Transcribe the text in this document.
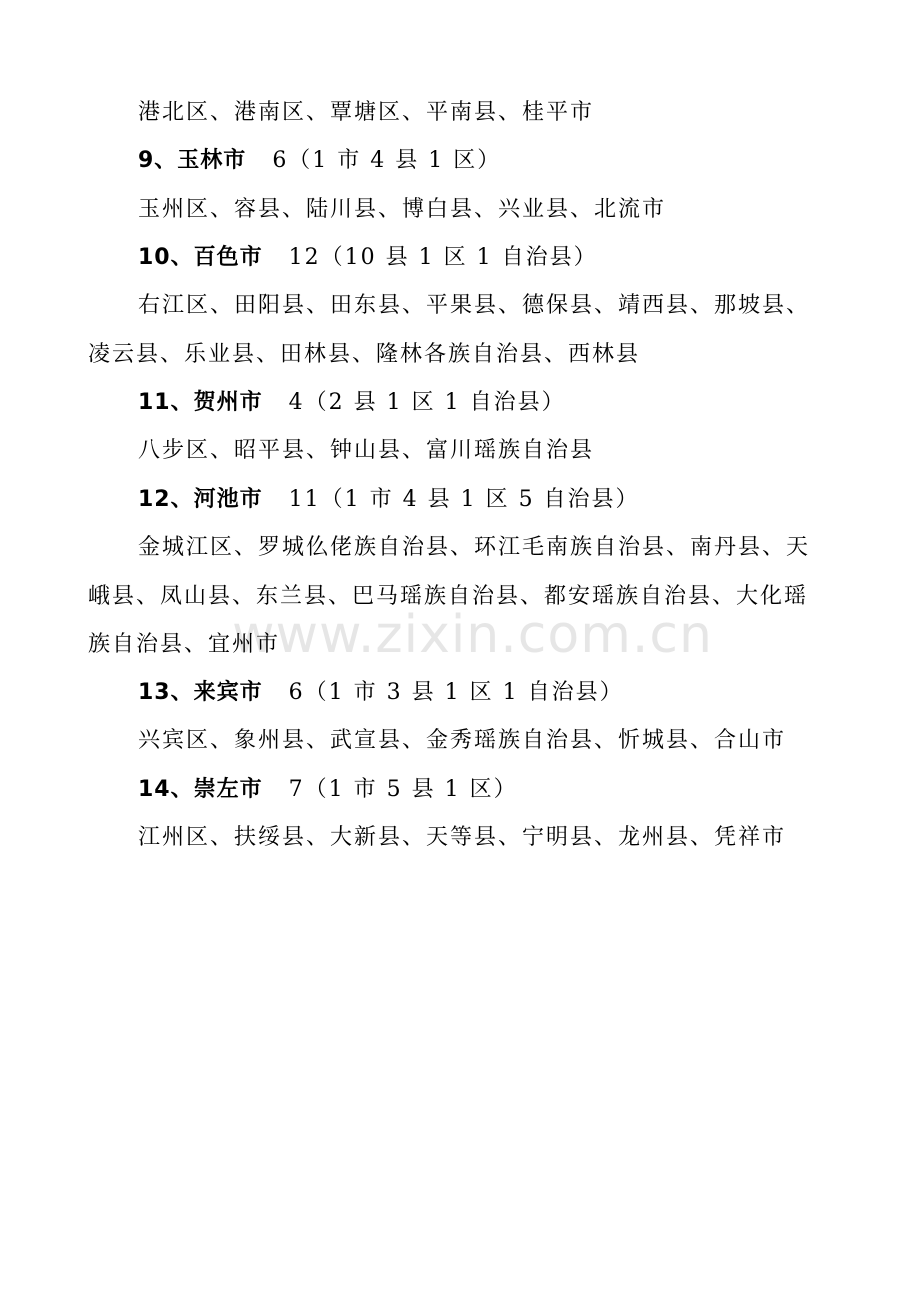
www.zixin.com.cn
港北区、港南区、覃塘区、平南县、桂平市
9、玉林市 6（1 市 4 县 1 区）
玉州区、容县、陆川县、博白县、兴业县、北流市
10、百色市 12（10 县 1 区 1 自治县）
右江区、田阳县、田东县、平果县、德保县、靖西县、那坡县、
凌云县、乐业县、田林县、隆林各族自治县、西林县
11、贺州市 4（2 县 1 区 1 自治县）
八步区、昭平县、钟山县、富川瑶族自治县
12、河池市 11（1 市 4 县 1 区 5 自治县）
金城江区、罗城仫佬族自治县、环江毛南族自治县、南丹县、天
峨县、凤山县、东兰县、巴马瑶族自治县、都安瑶族自治县、大化瑶
族自治县、宜州市
13、来宾市 6（1 市 3 县 1 区 1 自治县）
兴宾区、象州县、武宣县、金秀瑶族自治县、忻城县、合山市
14、崇左市 7（1 市 5 县 1 区）
江州区、扶绥县、大新县、天等县、宁明县、龙州县、凭祥市
